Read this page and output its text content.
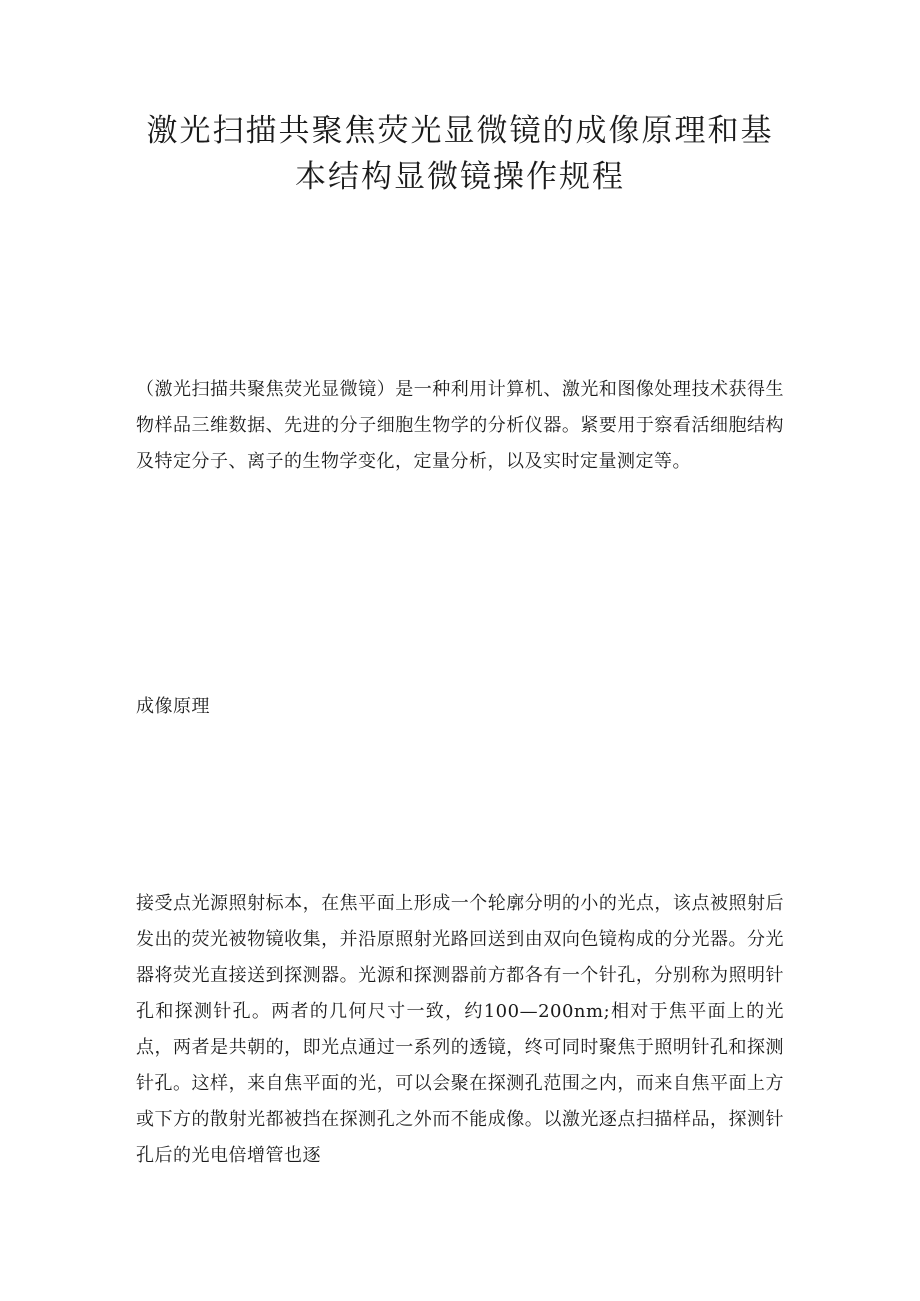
激光扫描共聚焦荧光显微镜的成像原理和基
本结构显微镜操作规程

（激光扫描共聚焦荧光显微镜）是一种利用计算机、激光和图像处理技术获得生物样品三维数据、先进的分子细胞生物学的分析仪器。紧要用于察看活细胞结构及特定分子、离子的生物学变化，定量分析，以及实时定量测定等。

成像原理

接受点光源照射标本，在焦平面上形成一个轮廓分明的小的光点，该点被照射后发出的荧光被物镜收集，并沿原照射光路回送到由双向色镜构成的分光器。分光器将荧光直接送到探测器。光源和探测器前方都各有一个针孔，分别称为照明针孔和探测针孔。两者的几何尺寸一致，约100—200nm;相对于焦平面上的光点，两者是共朝的，即光点通过一系列的透镜，终可同时聚焦于照明针孔和探测针孔。这样，来自焦平面的光，可以会聚在探测孔范围之内，而来自焦平面上方或下方的散射光都被挡在探测孔之外而不能成像。以激光逐点扫描样品，探测针孔后的光电倍增管也逐
